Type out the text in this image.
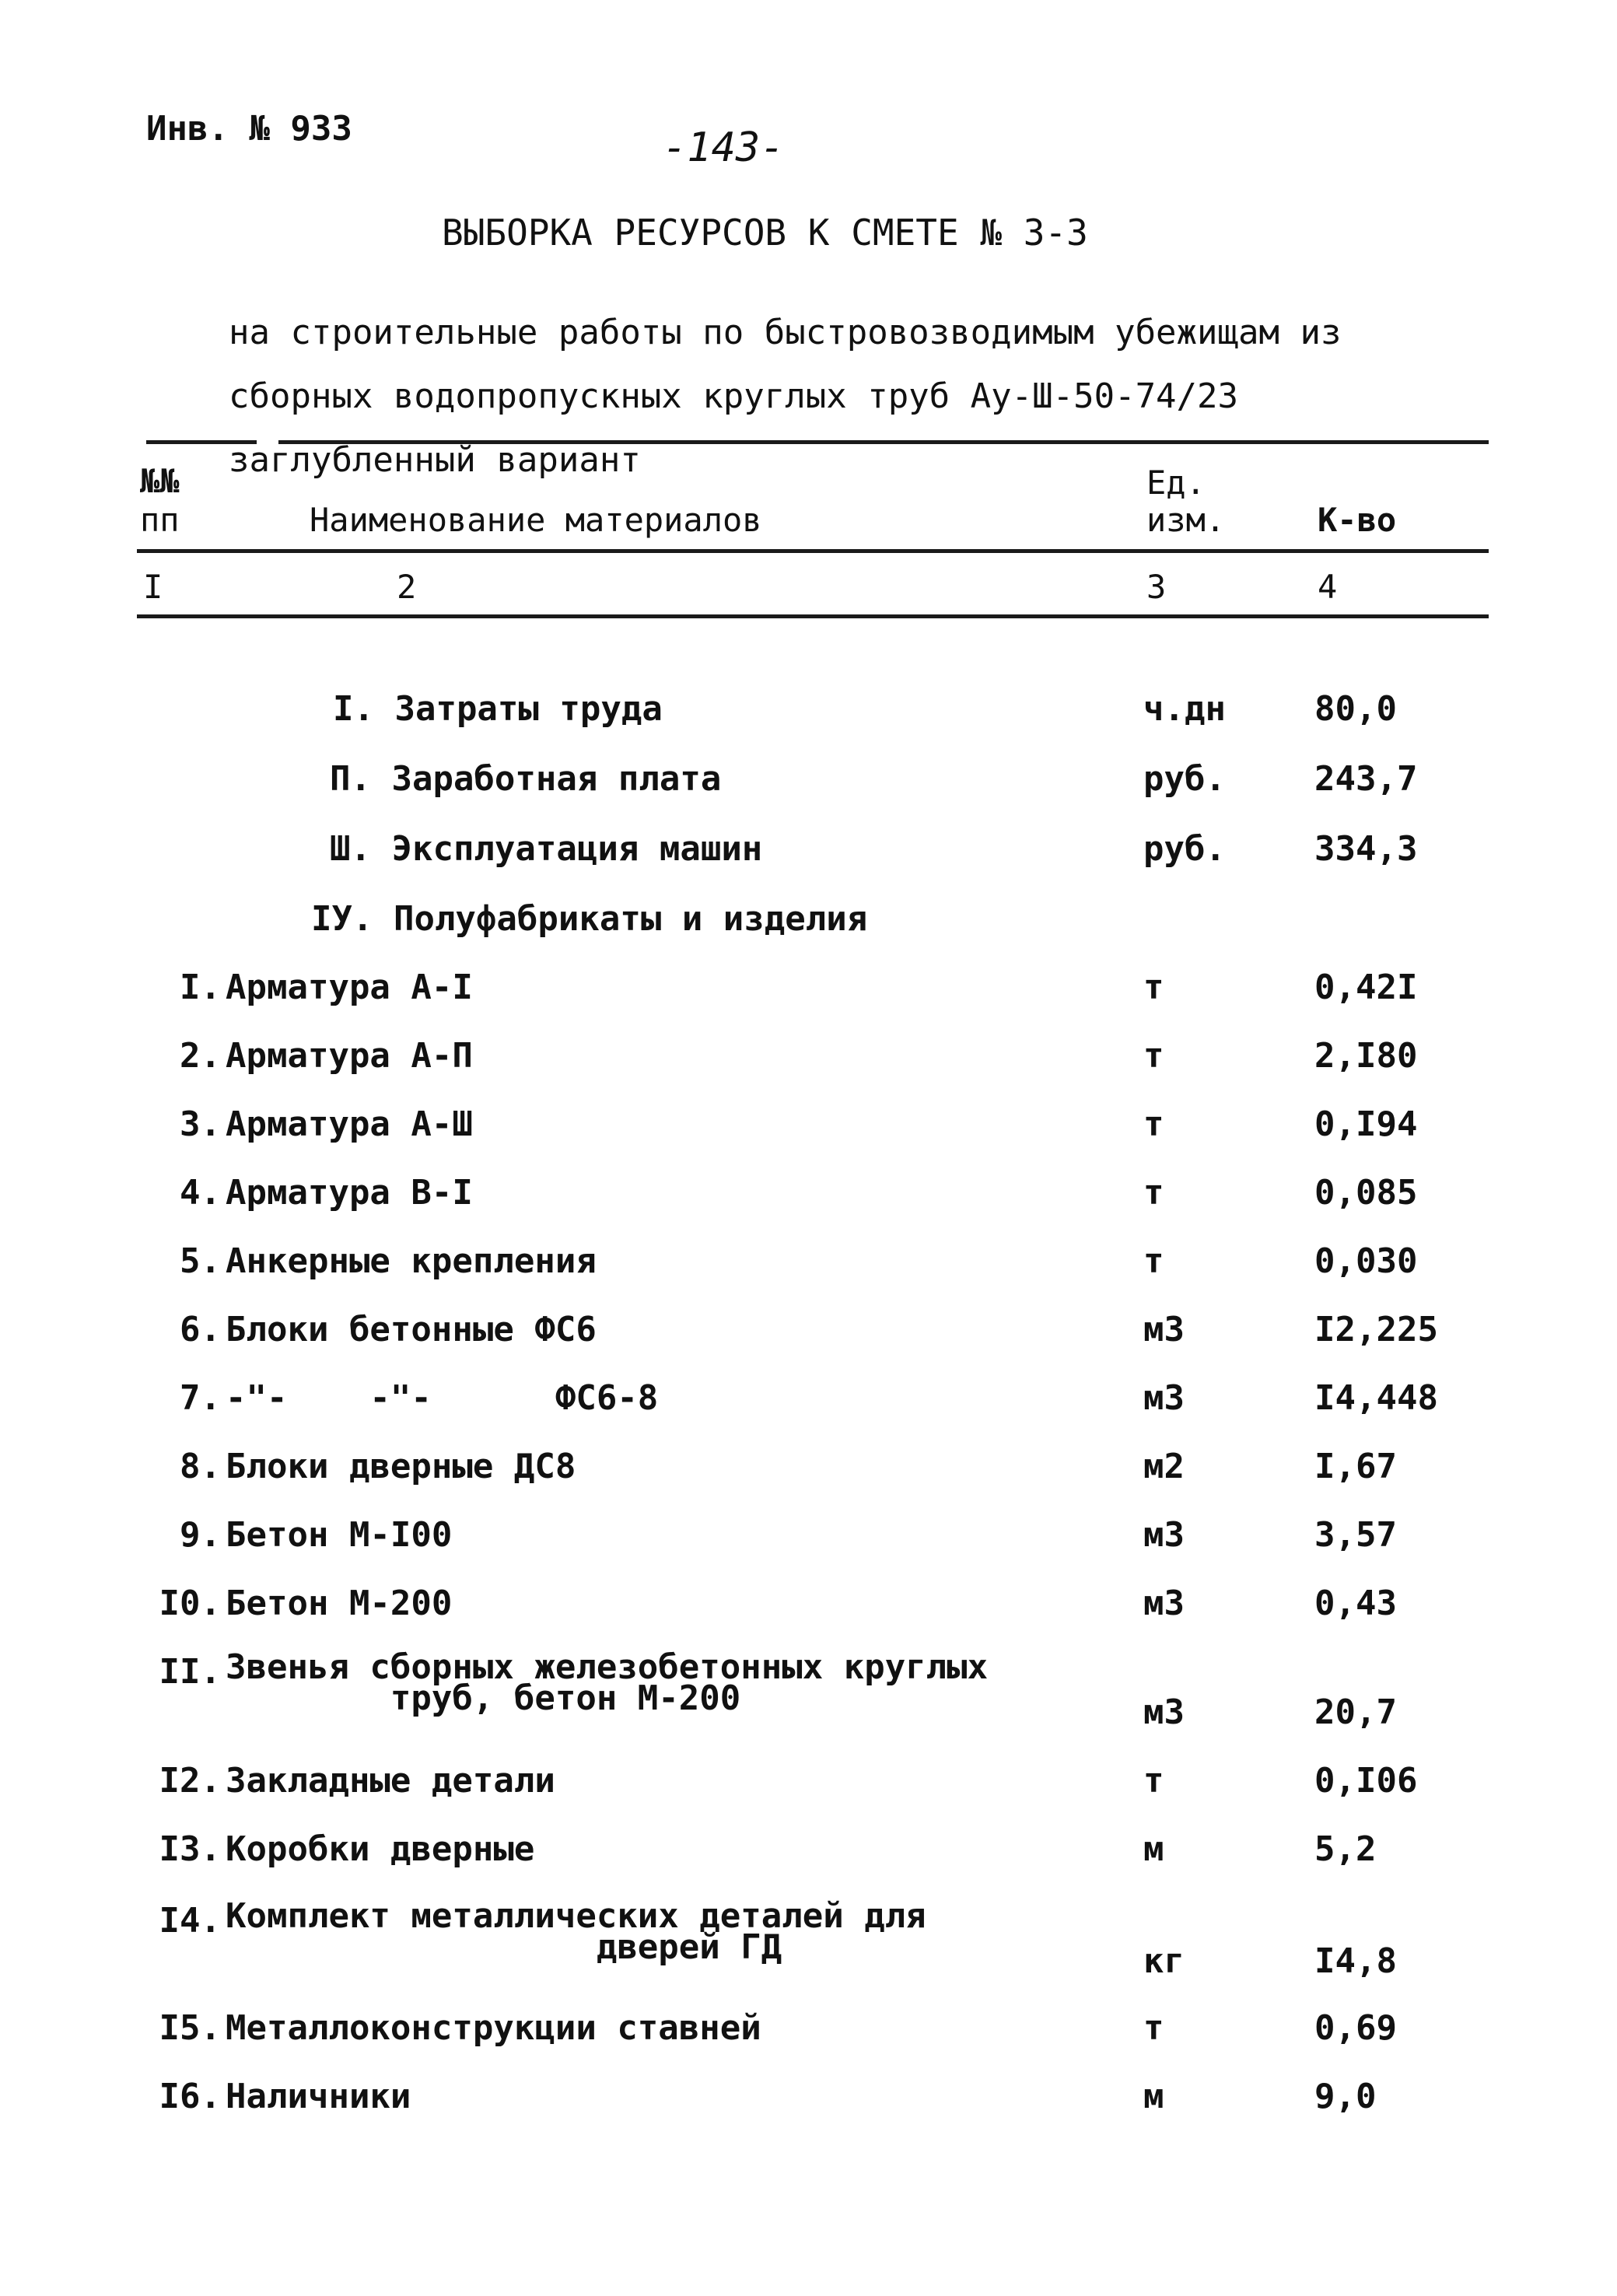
Инв. № 933	-143-
ВЫБОРКА РЕСУРСОВ К СМЕТЕ № 3-3

на строительные работы по быстровозводимым убежищам из

сборных водопропускных круглых труб Ау-Ш-50-74/23

заглубленный вариант

№№
пп	Наименование материалов
Ед.
изм.	К-во
I	2	3	4
I. Затраты труда	ч.дн	80,0
П. Заработная плата	руб.	243,7
Ш. Эксплуатация машин	руб.	334,3
IУ. Полуфабрикаты и изделия
I. Арматура А-I	т	0,42I
2. Арматура А-П	т	2,I80
3. Арматура А-Ш	т	0,I94
4. Арматура В-I	т	0,085
5. Анкерные крепления	т	0,030
6. Блоки бетонные ФС6	м3	I2,225
7. -"-    -"-      ФС6-8	м3	I4,448
8. Блоки дверные ДС8	м2	I,67
9. Бетон М-I00	м3	3,57
I0. Бетон М-200	м3	0,43
II. Звенья сборных железобетонных круглых
труб, бетон М-200	м3	20,7
I2. Закладные детали	т	0,I06
I3. Коробки дверные	м	5,2
I4. Комплект металлических деталей для
дверей ГД	кг	I4,8
I5. Металлоконструкции ставней	т	0,69
I6. Наличники	м	9,0
